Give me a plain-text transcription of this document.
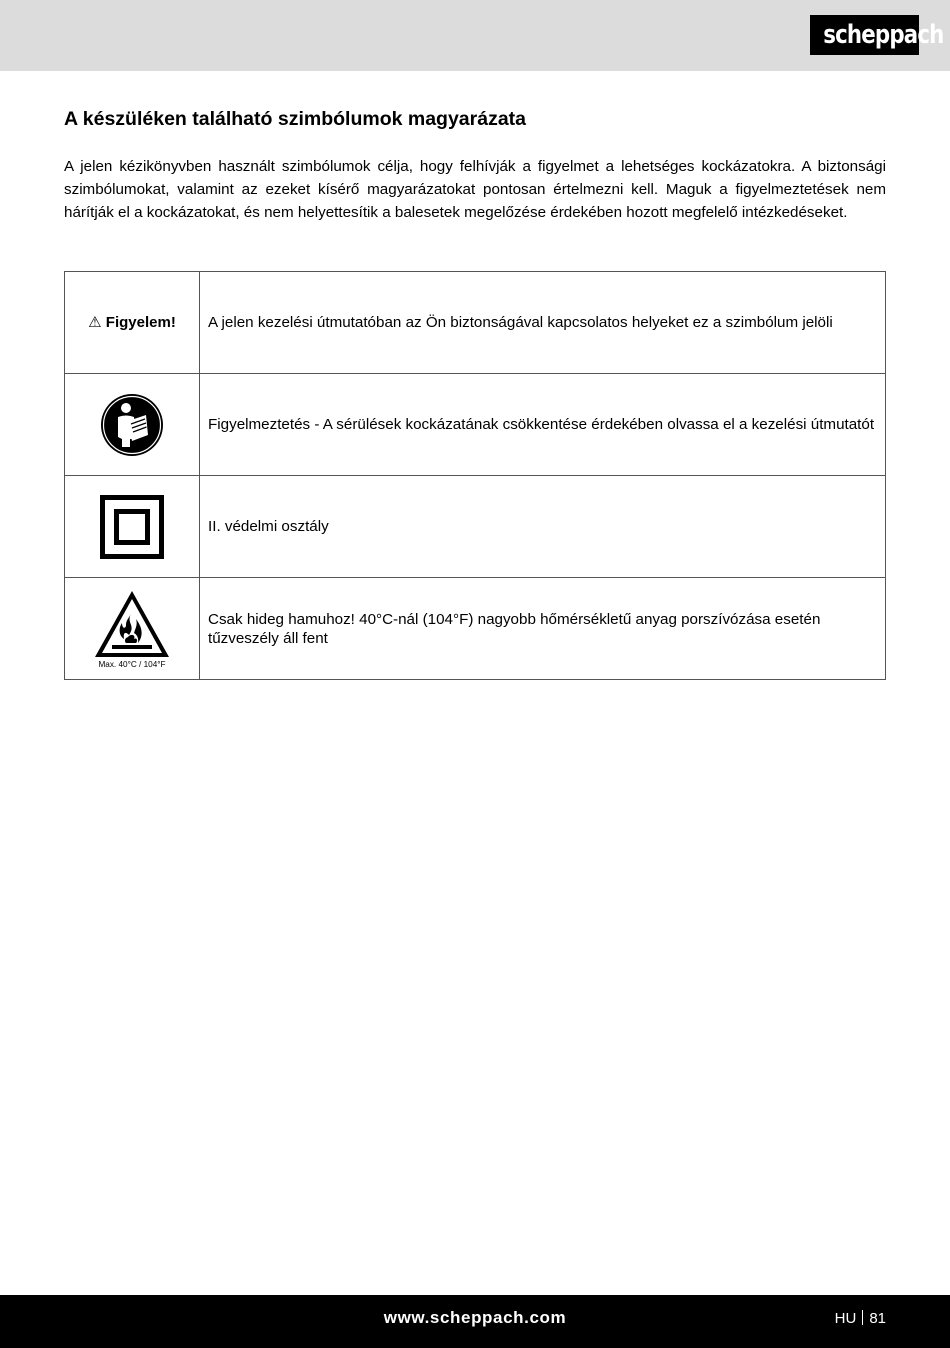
scheppach
A készüléken található szimbólumok magyarázata

A jelen kézikönyvben használt szimbólumok célja, hogy felhívják a figyelmet a lehetséges kockázatokra. A biztonsági szimbólumokat, valamint az ezeket kísérő magyarázatokat pontosan értelmezni kell. Maguk a figyelmeztetések nem hárítják el a kockázatokat, és nem helyettesítik a balesetek megelőzése érdekében hozott megfelelő intézkedéseket.

⚠ Figyelem!	A jelen kezelési útmutatóban az Ön biztonságával kapcsolatos helyeket ez a szimbólum jelöli

	Figyelmeztetés - A sérülések kockázatának csökkentése érdekében olvassa el a kezelési útmutatót

	II. védelmi osztály

Max. 40°C / 104°F	Csak hideg hamuhoz! 40°C-nál (104°F) nagyobb hőmérsékletű anyag porszívózása esetén tűzveszély áll fent
www.scheppach.com	HU 81
